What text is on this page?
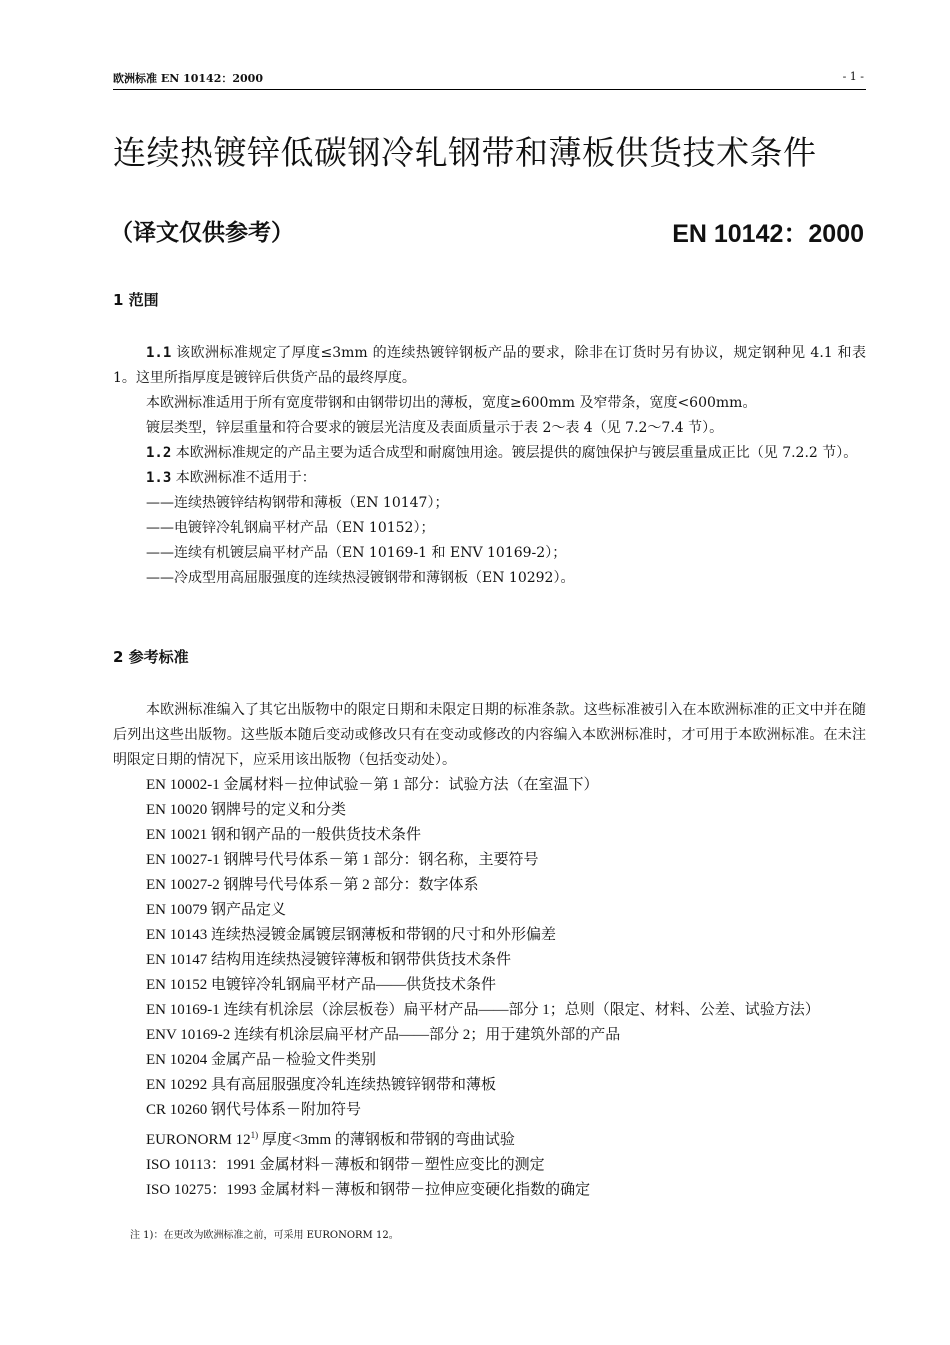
欧洲标准 EN 10142：2000	- 1 -
连续热镀锌低碳钢冷轧钢带和薄板供货技术条件
（译文仅供参考）	EN 10142：2000
1 范围

1.1 该欧洲标准规定了厚度≤3mm 的连续热镀锌钢板产品的要求，除非在订货时另有协议，规定钢种见 4.1 和表 1。这里所指厚度是镀锌后供货产品的最终厚度。

本欧洲标准适用于所有宽度带钢和由钢带切出的薄板，宽度≥600mm 及窄带条，宽度<600mm。

镀层类型，锌层重量和符合要求的镀层光洁度及表面质量示于表 2～表 4（见 7.2～7.4 节）。

1.2 本欧洲标准规定的产品主要为适合成型和耐腐蚀用途。镀层提供的腐蚀保护与镀层重量成正比（见 7.2.2 节）。

1.3 本欧洲标准不适用于：

——连续热镀锌结构钢带和薄板（EN 10147）；

——电镀锌冷轧钢扁平材产品（EN 10152）；

——连续有机镀层扁平材产品（EN 10169-1 和 ENV 10169-2）；

——冷成型用高屈服强度的连续热浸镀钢带和薄钢板（EN 10292）。

2 参考标准

本欧洲标准编入了其它出版物中的限定日期和未限定日期的标准条款。这些标准被引入在本欧洲标准的正文中并在随后列出这些出版物。这些版本随后变动或修改只有在变动或修改的内容编入本欧洲标准时，才可用于本欧洲标准。在未注明限定日期的情况下，应采用该出版物（包括变动处）。

EN 10002-1 金属材料－拉伸试验－第 1 部分：试验方法（在室温下）
EN 10020 钢牌号的定义和分类
EN 10021 钢和钢产品的一般供货技术条件
EN 10027-1 钢牌号代号体系－第 1 部分：钢名称，主要符号
EN 10027-2 钢牌号代号体系－第 2 部分：数字体系
EN 10079 钢产品定义
EN 10143 连续热浸镀金属镀层钢薄板和带钢的尺寸和外形偏差
EN 10147 结构用连续热浸镀锌薄板和钢带供货技术条件
EN 10152 电镀锌冷轧钢扁平材产品——供货技术条件
EN 10169-1 连续有机涂层（涂层板卷）扁平材产品——部分 1；总则（限定、材料、公差、试验方法）
ENV 10169-2 连续有机涂层扁平材产品——部分 2；用于建筑外部的产品
EN 10204 金属产品－检验文件类别
EN 10292 具有高屈服强度冷轧连续热镀锌钢带和薄板
CR 10260 钢代号体系－附加符号
EURONORM 12$^{1)}$ 厚度<3mm 的薄钢板和带钢的弯曲试验
ISO 10113：1991 金属材料－薄板和钢带－塑性应变比的测定
ISO 10275：1993 金属材料－薄板和钢带－拉伸应变硬化指数的确定
注 1)：在更改为欧洲标准之前，可采用 EURONORM 12。
